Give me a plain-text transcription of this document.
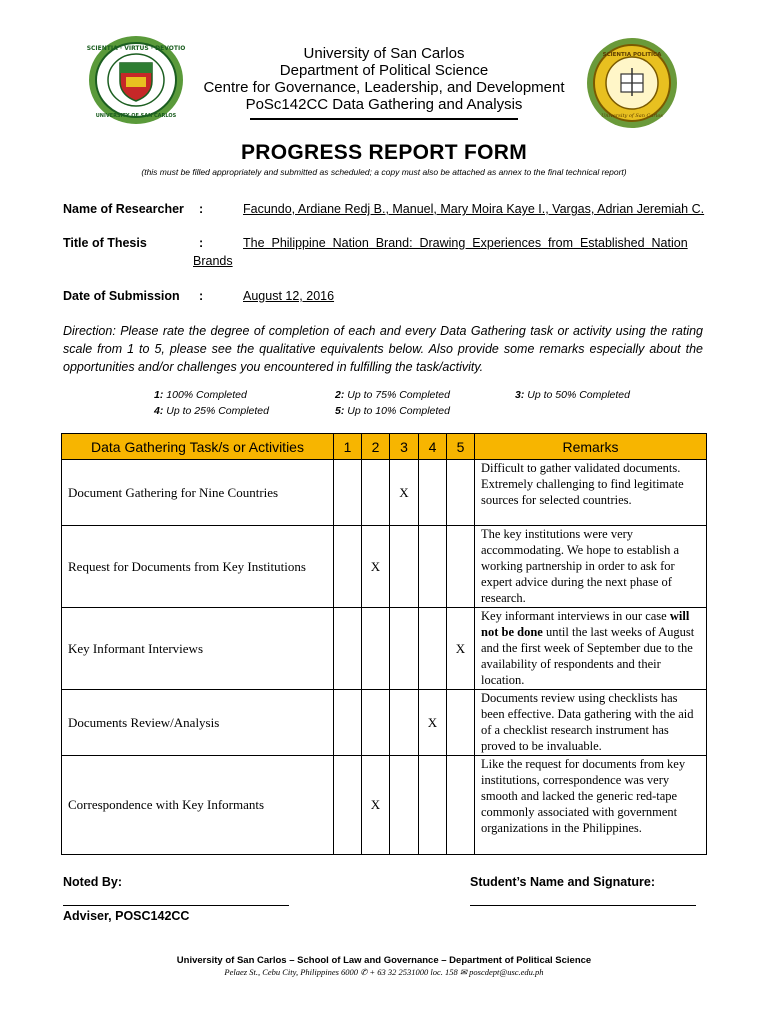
SCIENTIA · VIRTUS · DEVOTIO
UNIVERSITY OF SAN CARLOS
SCIENTIA POLITICA
University of San Carlos
University of San Carlos
Department of Political Science
Centre for Governance, Leadership, and Development
PoSc142CC Data Gathering and Analysis
PROGRESS REPORT FORM
(this must be filled appropriately and submitted as scheduled; a copy must also be attached as annex to the final technical report)
Name of Researcher :	Facundo, Ardiane Redj B., Manuel, Mary Moira Kaye I., Vargas, Adrian Jeremiah C.
Title of Thesis	:	The  Philippine  Nation  Brand:  Drawing  Experiences  from  Established  Nation
Brands
Date of Submission :	August 12, 2016
Direction: Please rate the degree of completion of each and every Data Gathering task or activity using the rating scale from 1 to 5, please see the qualitative equivalents below. Also provide some remarks especially about the opportunities and/or challenges you encountered in fulfilling the task/activity.
1: 100% Completed	2: Up to 75% Completed	3: Up to 50% Completed
4: Up to 25% Completed	5: Up to 10% Completed
Data Gathering Task/s or Activities	1	2	3	4	5	Remarks
Document Gathering for Nine Countries			X			Difficult to gather validated documents. Extremely challenging to find legitimate sources for selected countries.
Request for Documents from Key Institutions		X				The key institutions were very accommodating. We hope to establish a working partnership in order to ask for expert advice during the next phase of research.
Key Informant Interviews					X	Key informant interviews in our case will not be done until the last weeks of August and the first week of September due to the availability of respondents and their location.
Documents Review/Analysis				X		Documents review using checklists has been effective. Data gathering with the aid of a checklist research instrument has proved to be invaluable.
Correspondence with Key Informants		X				Like the request for documents from key institutions, correspondence was very smooth and lacked the generic red-tape commonly associated with government organizations in the Philippines.
Noted By:	Student’s Name and Signature:
Adviser, POSC142CC
University of San Carlos – School of Law and Governance – Department of Political Science
Pelaez St., Cebu City, Philippines 6000 ✆ + 63 32 2531000 loc. 158 ✉ poscdept@usc.edu.ph
